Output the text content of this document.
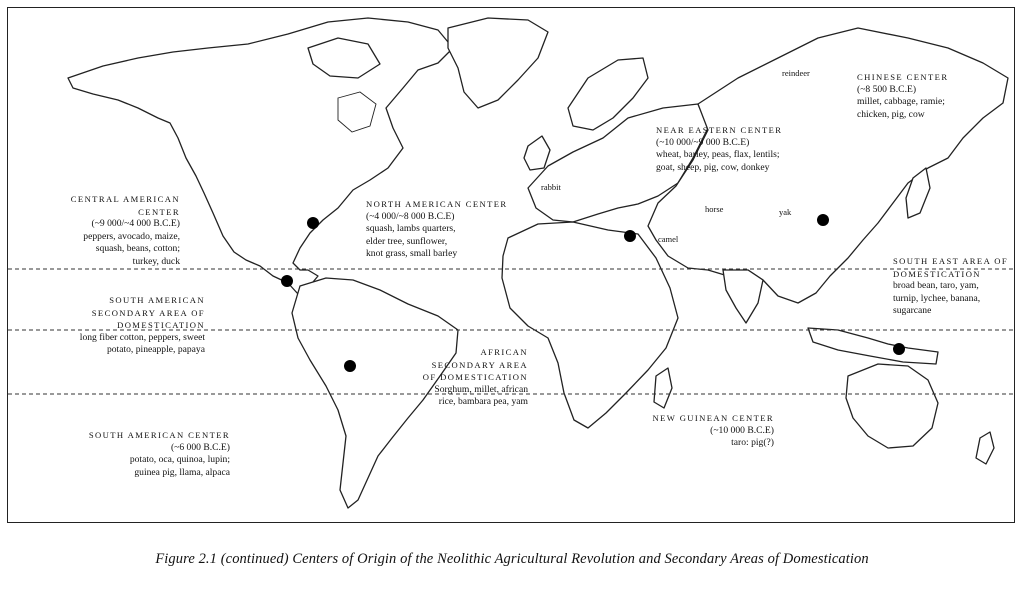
CENTRAL AMERICAN
CENTER
(~9 000/~4 000 B.C.E)
peppers, avocado, maize,
squash, beans, cotton;
turkey, duck
NORTH AMERICAN CENTER
(~4 000/~8 000 B.C.E)
squash, lambs quarters,
elder tree, sunflower,
knot grass, small barley
NEAR EASTERN CENTER
(~10 000/~9 000 B.C.E)
wheat, barley, peas, flax, lentils;
goat, sheep, pig, cow, donkey
CHINESE CENTER
(~8 500 B.C.E)
millet, cabbage, ramie;
chicken, pig, cow
SOUTH EAST AREA OF
DOMESTICATION
broad bean, taro, yam,
turnip, lychee, banana,
sugarcane
SOUTH AMERICAN
SECONDARY AREA OF
DOMESTICATION
long fiber cotton, peppers, sweet
potato, pineapple, papaya	AFRICAN
SECONDARY AREA
OF DOMESTICATION
Sorghum, millet, african
rice, bambara pea, yam
NEW GUINEAN CENTER
(~10 000 B.C.E)
taro: pig(?)
SOUTH AMERICAN CENTER
(~6 000 B.C.E)
potato, oca, quinoa, lupin;
guinea pig, llama, alpaca
reindeer
rabbit
horse	yak
camel
Figure 2.1 (continued) Centers of Origin of the Neolithic Agricultural Revolution and Secondary Areas of Domestication
